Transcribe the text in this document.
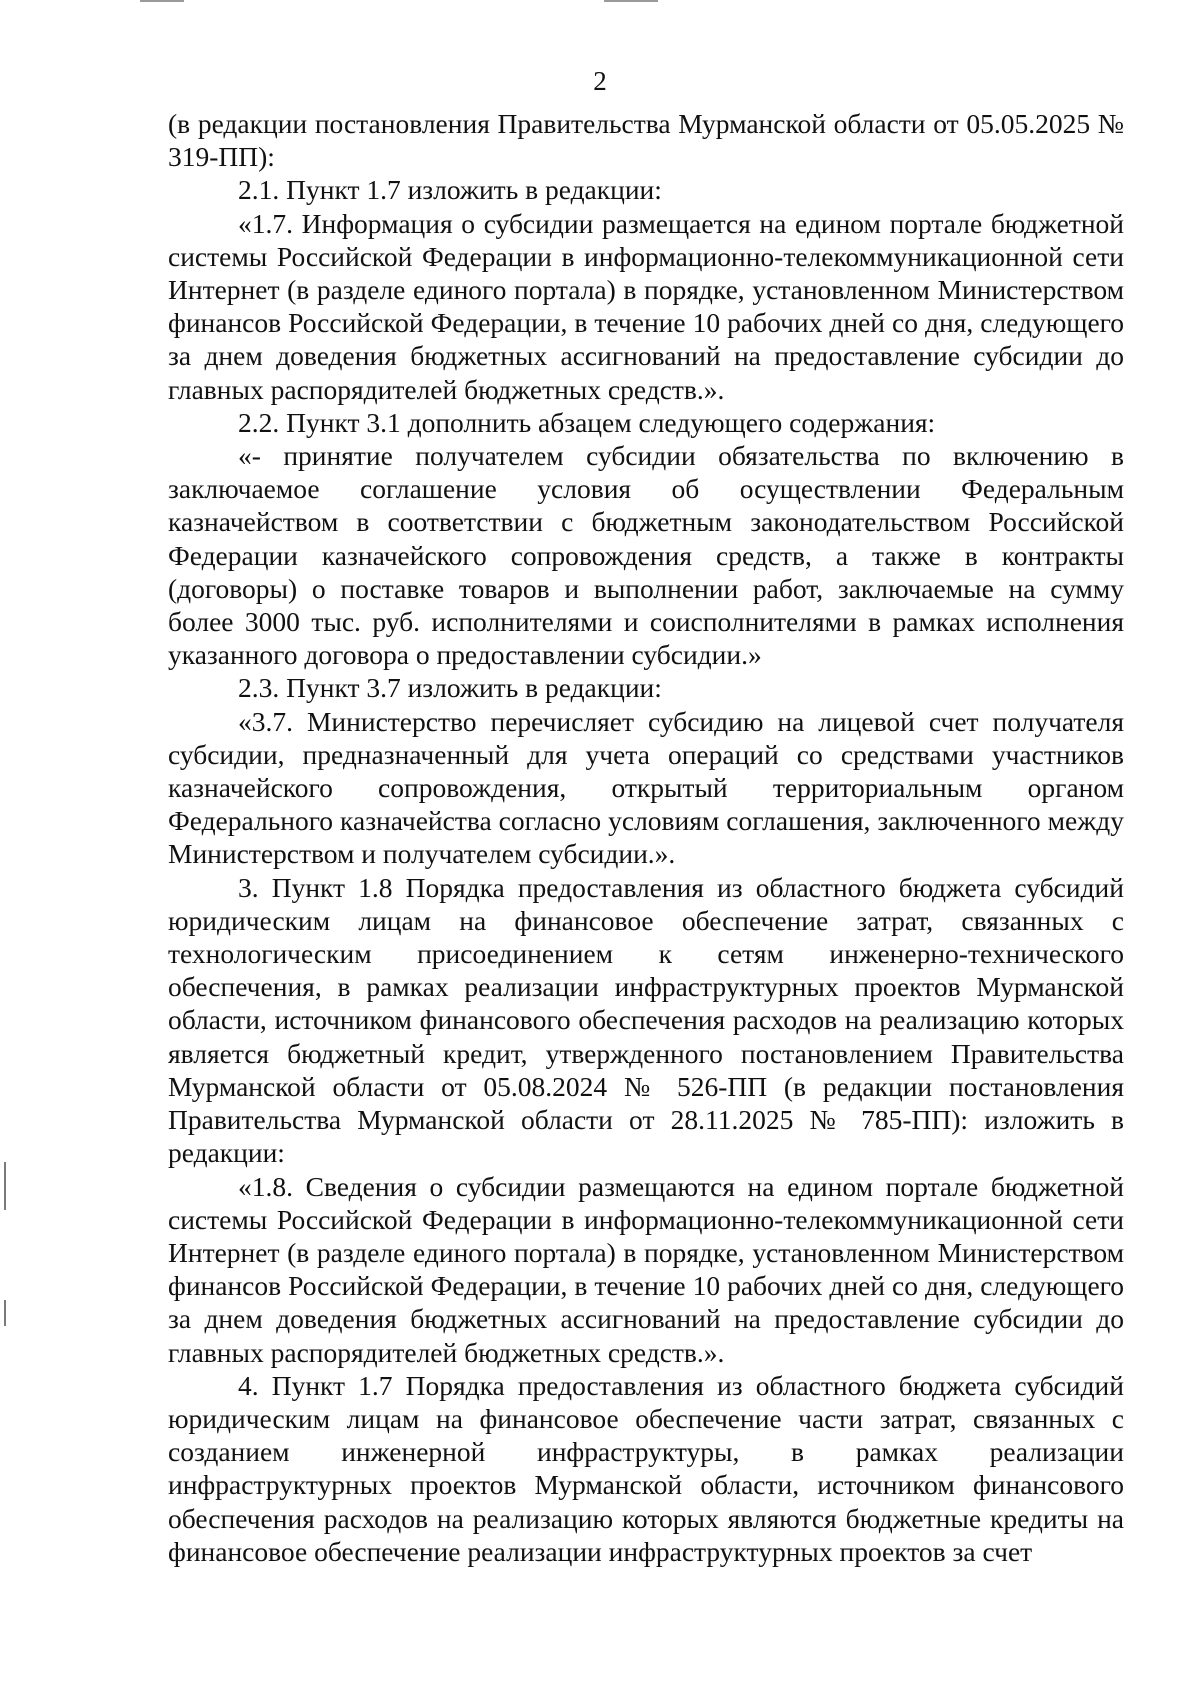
2

(в редакции постановления Правительства Мурманской области от 05.05.2025 № 319-ПП):

2.1. Пункт 1.7 изложить в редакции:

«1.7. Информация о субсидии размещается на едином портале бюджетной системы Российской Федерации в информационно-телекоммуникационной сети Интернет (в разделе единого портала) в порядке, установленном Министерством финансов Российской Федерации, в течение 10 рабочих дней со дня, следующего за днем доведения бюджетных ассигнований на предоставление субсидии до главных распорядителей бюджетных средств.».

2.2. Пункт 3.1 дополнить абзацем следующего содержания:

«- принятие получателем субсидии обязательства по включению в заключаемое соглашение условия об осуществлении Федеральным казначейством в соответствии с бюджетным законодательством Российской Федерации казначейского сопровождения средств, а также в контракты (договоры) о поставке товаров и выполнении работ, заключаемые на сумму более 3000 тыс. руб. исполнителями и соисполнителями в рамках исполнения указанного договора о предоставлении субсидии.»

2.3. Пункт 3.7 изложить в редакции:

«3.7. Министерство перечисляет субсидию на лицевой счет получателя субсидии, предназначенный для учета операций со средствами участников казначейского сопровождения, открытый территориальным органом Федерального казначейства согласно условиям соглашения, заключенного между Министерством и получателем субсидии.».

3. Пункт 1.8 Порядка предоставления из областного бюджета субсидий юридическим лицам на финансовое обеспечение затрат, связанных с технологическим присоединением к сетям инженерно-технического обеспечения, в рамках реализации инфраструктурных проектов Мурманской области, источником финансового обеспечения расходов на реализацию которых является бюджетный кредит, утвержденного постановлением Правительства Мурманской области от 05.08.2024 № 526-ПП (в редакции постановления Правительства Мурманской области от 28.11.2025 № 785-ПП): изложить в редакции:

«1.8. Сведения о субсидии размещаются на едином портале бюджетной системы Российской Федерации в информационно-телекоммуникационной сети Интернет (в разделе единого портала) в порядке, установленном Министерством финансов Российской Федерации, в течение 10 рабочих дней со дня, следующего за днем доведения бюджетных ассигнований на предоставление субсидии до главных распорядителей бюджетных средств.».

4. Пункт 1.7 Порядка предоставления из областного бюджета субсидий юридическим лицам на финансовое обеспечение части затрат, связанных с созданием инженерной инфраструктуры, в рамках реализации инфраструктурных проектов Мурманской области, источником финансового обеспечения расходов на реализацию которых являются бюджетные кредиты на финансовое обеспечение реализации инфраструктурных проектов за счет
